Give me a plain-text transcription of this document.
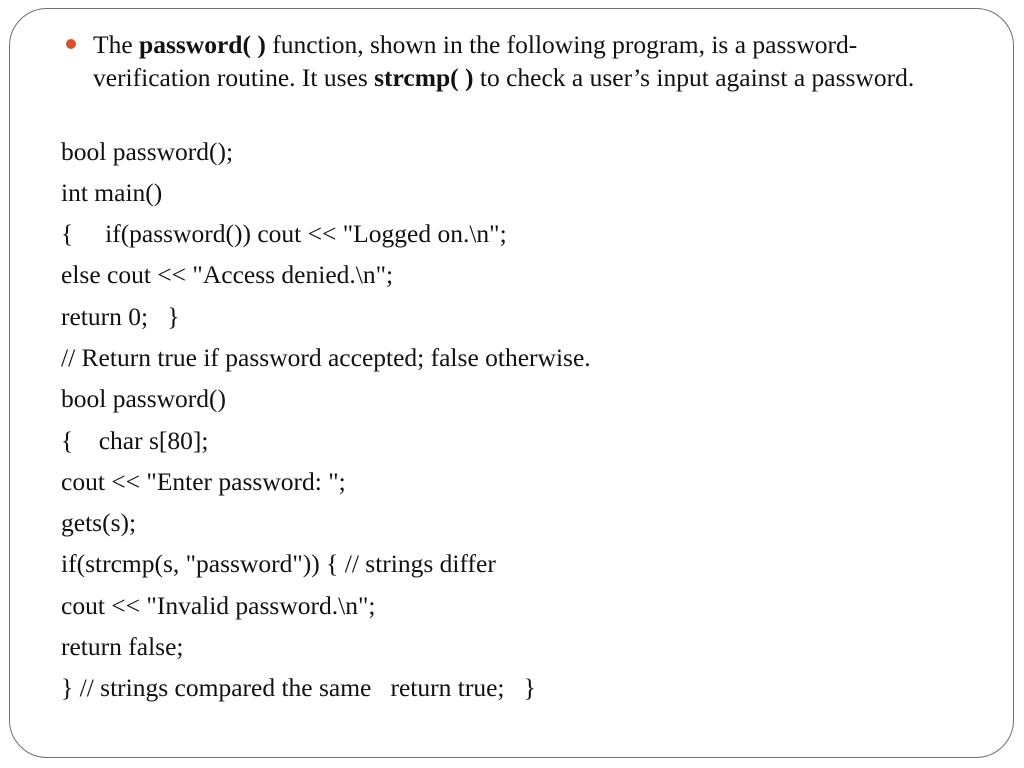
The password( ) function, shown in the following program, is a password-verification routine. It uses strcmp( ) to check a user’s input against a password.
bool password();
int main()
{     if(password()) cout << "Logged on.\n";
else cout << "Access denied.\n";
return 0;   }
// Return true if password accepted; false otherwise.
bool password()
{    char s[80];
cout << "Enter password: ";
gets(s);
if(strcmp(s, "password")) { // strings differ
cout << "Invalid password.\n";
return false;
} // strings compared the same   return true;   }
